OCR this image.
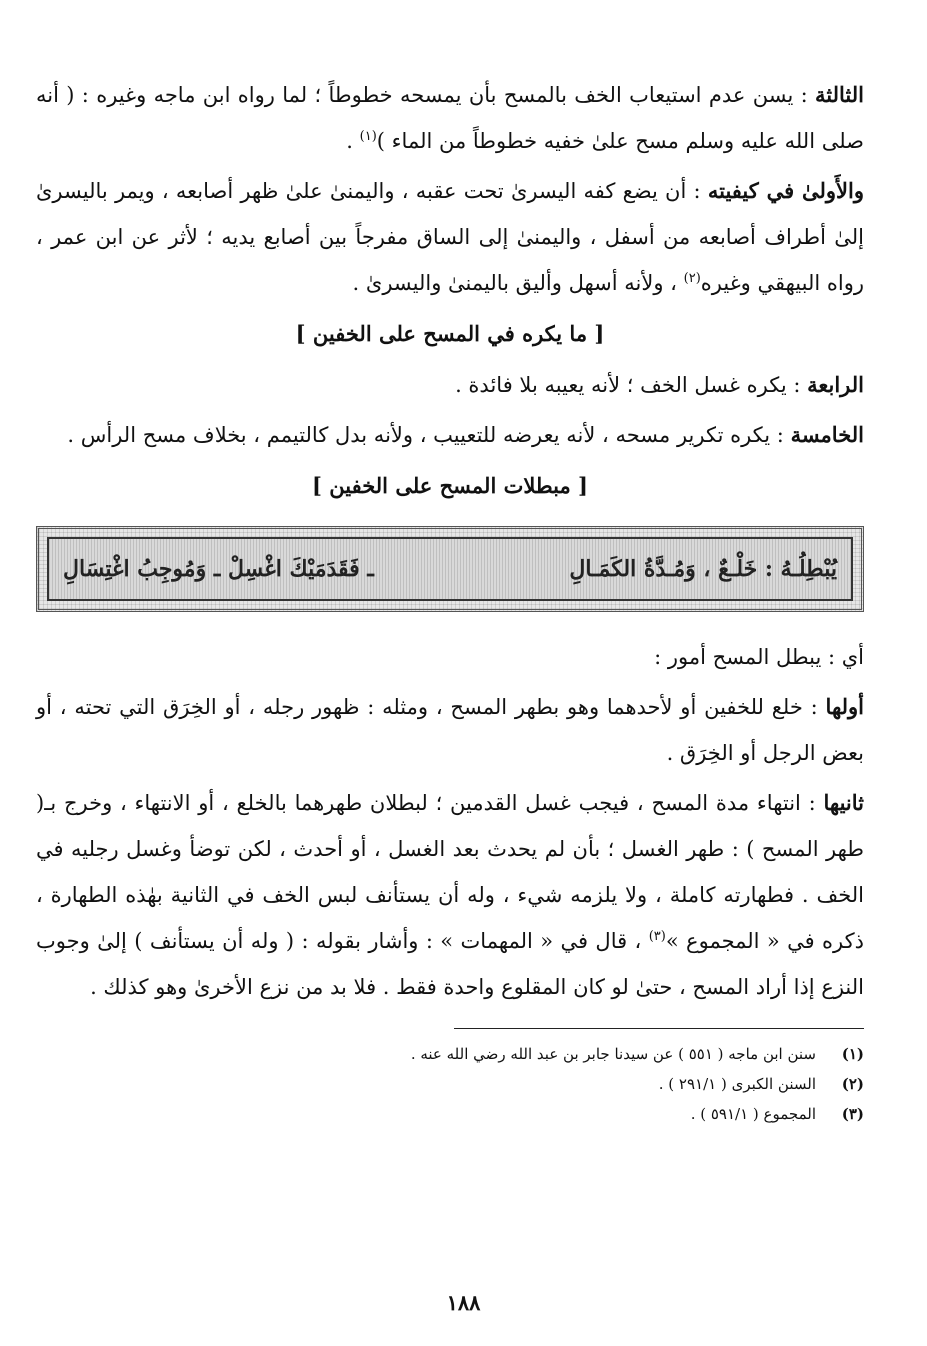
الثالثة : يسن عدم استيعاب الخف بالمسح بأن يمسحه خطوطاً ؛ لما رواه ابن ماجه وغيره : ( أنه صلى الله عليه وسلم مسح علىٰ خفيه خطوطاً من الماء )$^{(١)}$ .

والأَولىٰ في كيفيته : أن يضع كفه اليسرىٰ تحت عقبه ، واليمنىٰ علىٰ ظهر أصابعه ، ويمر باليسرىٰ إلىٰ أطراف أصابعه من أسفل ، واليمنىٰ إلى الساق مفرجاً بين أصابع يديه ؛ لأثر عن ابن عمر ، رواه البيهقي وغيره$^{(٢)}$ ، ولأنه أسهل وأليق باليمنىٰ واليسرىٰ .

[ ما يكره في المسح على الخفين ]

الرابعة : يكره غسل الخف ؛ لأنه يعيبه بلا فائدة .

الخامسة : يكره تكرير مسحه ، لأنه يعرضه للتعييب ، ولأنه بدل كالتيمم ، بخلاف مسح الرأس .

[ مبطلات المسح على الخفين ]
يُبْطِلُـهُ : خَلْـعٌ ، وَمُـدَّةُ الكَمَـالِ
ـ فَقَدَمَيْكَ اغْسِلْ ـ وَمُوجِبُ اغْتِسَالِ

أي : يبطل المسح أمور :

أولها : خلع للخفين أو لأحدهما وهو بطهر المسح ، ومثله : ظهور رجله ، أو الخِرَق التي تحته ، أو بعض الرجل أو الخِرَق .

ثانيها : انتهاء مدة المسح ، فيجب غسل القدمين ؛ لبطلان طهرهما بالخلع ، أو الانتهاء ، وخرج بـ( طهر المسح ) : طهر الغسل ؛ بأن لم يحدث بعد الغسل ، أو أحدث ، لكن توضأ وغسل رجليه في الخف . فطهارته كاملة ، ولا يلزمه شيء ، وله أن يستأنف لبس الخف في الثانية بهٰذه الطهارة ، ذكره في « المجموع »$^{(٣)}$ ، قال في « المهمات » : وأشار بقوله : ( وله أن يستأنف ) إلىٰ وجوب النزع إذا أراد المسح ، حتىٰ لو كان المقلوع واحدة فقط . فلا بد من نزع الأخرىٰ وهو كذلك .

(١)
سنن ابن ماجه ( ٥٥١ ) عن سيدنا جابر بن عبد الله رضي الله عنه .
(٢)
السنن الكبرى ( ٢٩١/١ ) .
(٣)
المجموع ( ٥٩١/١ ) .
١٨٨
